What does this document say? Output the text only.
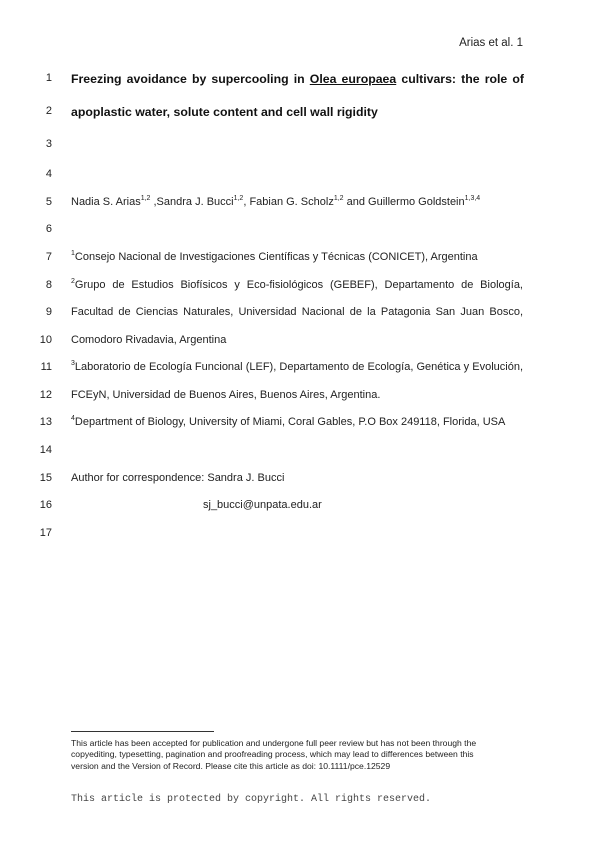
Arias et al. 1
1 Freezing avoidance by supercooling in Olea europaea cultivars: the role of
2 apoplastic water, solute content and cell wall rigidity
3
4
5 Nadia S. Arias$^{1,2}$ ,Sandra J. Bucci$^{1,2}$, Fabian G. Scholz$^{1,2}$ and Guillermo Goldstein$^{1,3,4}$
6
7	$^1$Consejo Nacional de Investigaciones Científicas y Técnicas (CONICET), Argentina
8	$^2$Grupo de Estudios Biofísicos y Eco-fisiológicos (GEBEF), Departamento de Biología,
9 Facultad de Ciencias Naturales, Universidad Nacional de la Patagonia San Juan Bosco,
10 Comodoro Rivadavia, Argentina
11	$^3$Laboratorio de Ecología Funcional (LEF), Departamento de Ecología, Genética y Evolución,
12 FCEyN, Universidad de Buenos Aires, Buenos Aires, Argentina.
13	$^4$Department of Biology, University of Miami, Coral Gables, P.O Box 249118, Florida, USA
14
15 Author for correspondence: Sandra J. Bucci
16	sj_bucci@unpata.edu.ar
17
This article has been accepted for publication and undergone full peer review but has not been through the copyediting, typesetting, pagination and proofreading process, which may lead to differences between this version and the Version of Record. Please cite this article as doi: 10.1111/pce.12529
This article is protected by copyright. All rights reserved.
